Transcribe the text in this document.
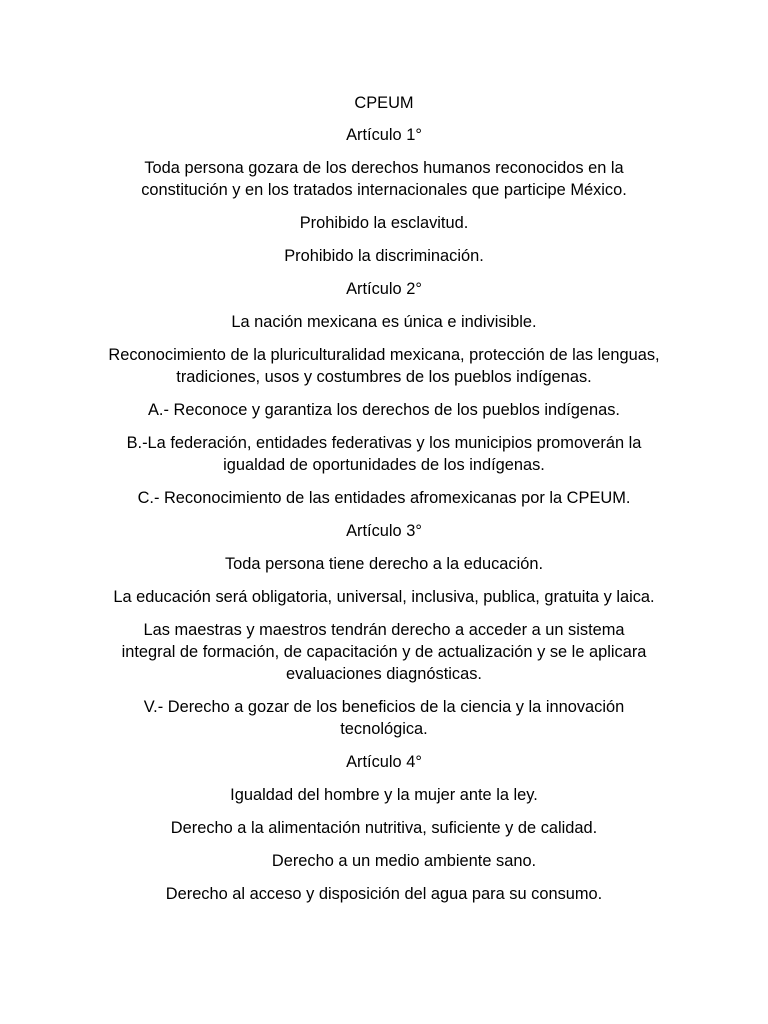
CPEUM
Artículo 1°
Toda persona gozara de los derechos humanos reconocidos en la constitución y en los tratados internacionales que participe México.
Prohibido la esclavitud.
Prohibido la discriminación.
Artículo 2°
La nación mexicana es única e indivisible.
Reconocimiento de la pluriculturalidad mexicana, protección de las lenguas, tradiciones, usos y costumbres de los pueblos indígenas.
A.- Reconoce y garantiza los derechos de los pueblos indígenas.
B.-La federación, entidades federativas y los municipios promoverán la igualdad de oportunidades de los indígenas.
C.- Reconocimiento de las entidades afromexicanas por la CPEUM.
Artículo 3°
Toda persona tiene derecho a la educación.
La educación será obligatoria, universal, inclusiva, publica, gratuita y laica.
Las maestras y maestros tendrán derecho a acceder a un sistema integral de formación, de capacitación y de actualización y se le aplicara evaluaciones diagnósticas.
V.- Derecho a gozar de los beneficios de la ciencia y la innovación tecnológica.
Artículo 4°
Igualdad del hombre y la mujer ante la ley.
Derecho a la alimentación nutritiva, suficiente y de calidad.
Derecho a un medio ambiente sano.
Derecho al acceso y disposición del agua para su consumo.
